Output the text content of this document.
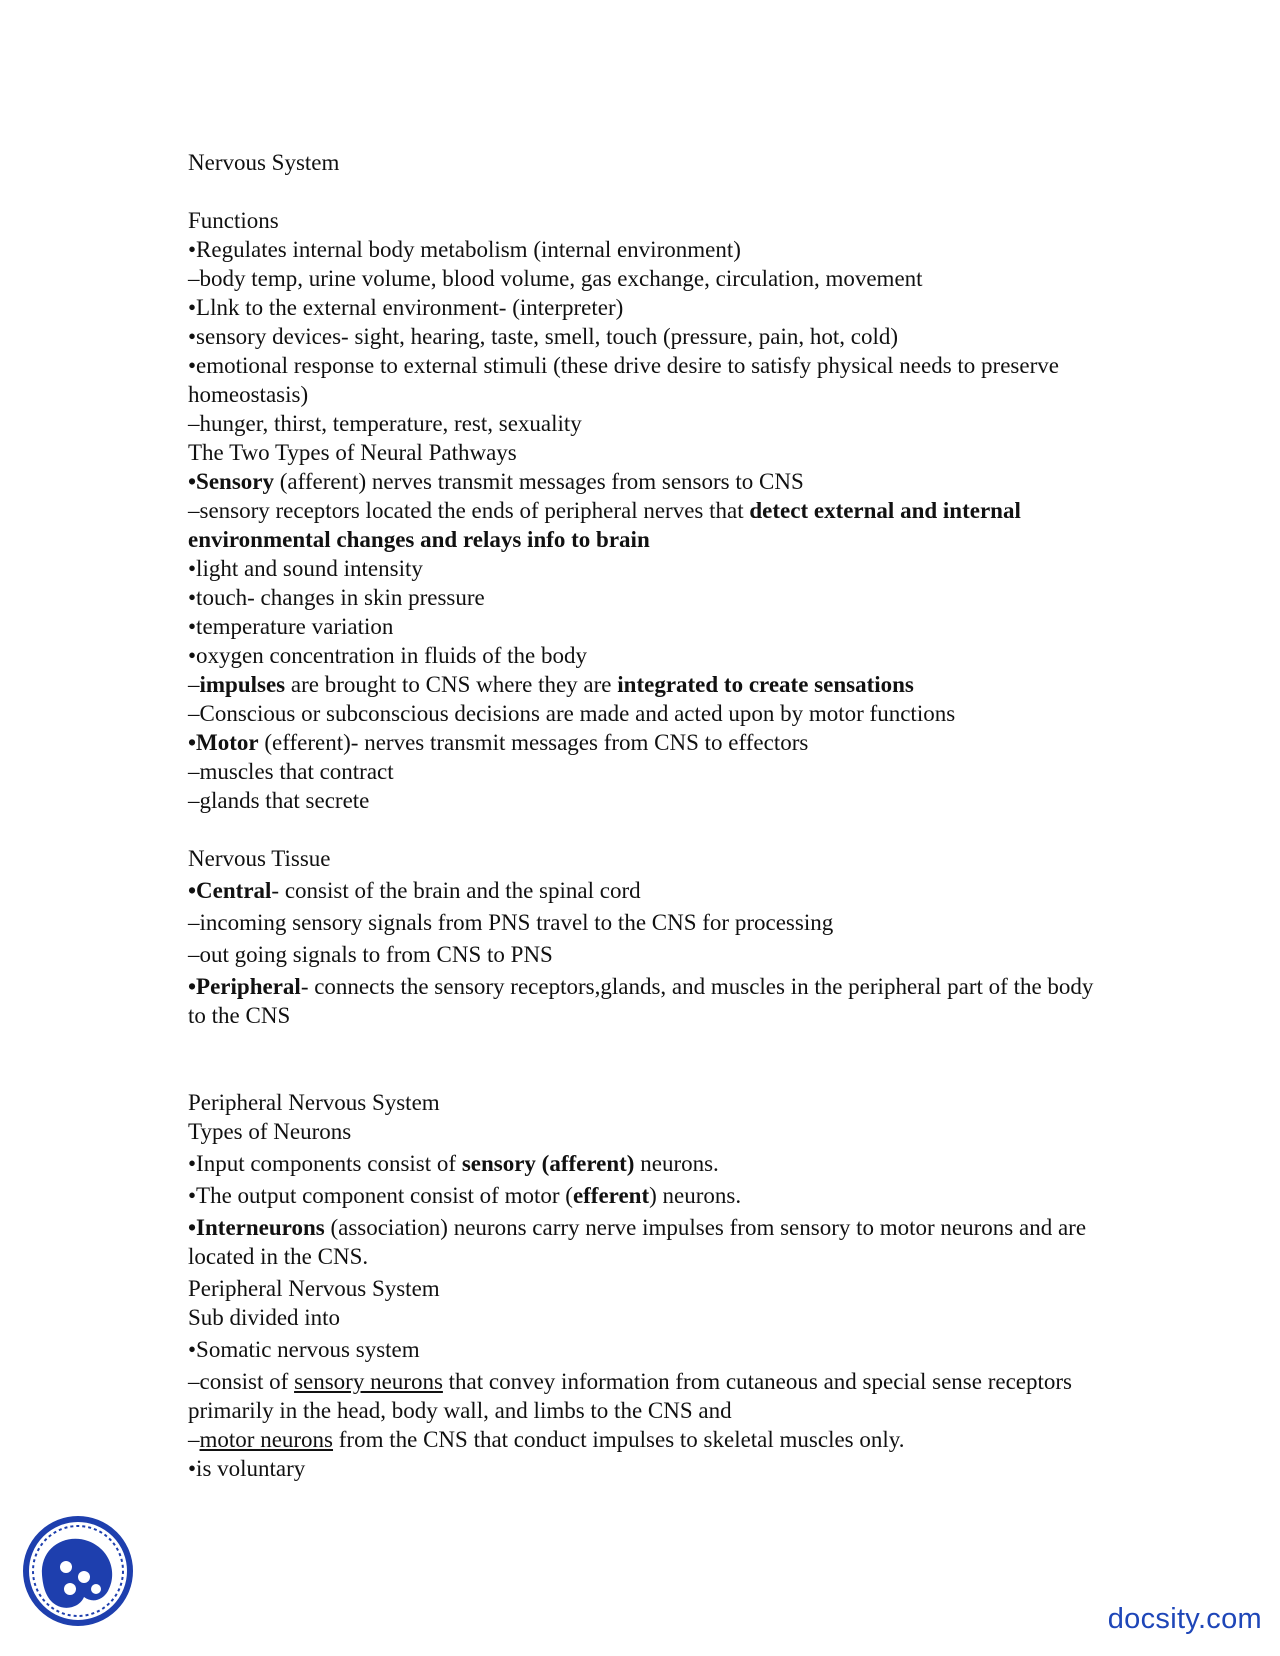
Nervous System
Functions
•Regulates internal body metabolism (internal environment)
–body temp, urine volume, blood volume, gas exchange, circulation, movement
•Llnk to the external environment- (interpreter)
•sensory devices- sight, hearing, taste, smell, touch (pressure, pain, hot, cold)
•emotional response to external stimuli (these drive desire to satisfy physical needs to preserve homeostasis)
–hunger, thirst, temperature, rest, sexuality
The Two Types of Neural Pathways
•Sensory (afferent) nerves transmit messages from sensors to CNS
–sensory receptors located the ends of peripheral nerves that detect external and internal environmental changes and relays info to brain
•light and sound intensity
•touch- changes in skin pressure
•temperature variation
•oxygen concentration in fluids of the body
–impulses are brought to CNS where they are integrated to create sensations
–Conscious or subconscious decisions are made and acted upon by motor functions
•Motor (efferent)- nerves transmit messages from CNS to effectors
–muscles that contract
–glands that secrete
Nervous Tissue
•Central- consist of the brain and the spinal cord
–incoming sensory signals from PNS travel to the CNS for processing
–out going signals to from CNS to PNS
•Peripheral- connects the sensory receptors,glands, and muscles in the peripheral part of the body to the CNS
Peripheral Nervous System
Types of Neurons
•Input components consist of sensory (afferent) neurons.
•The output component consist of motor (efferent) neurons.
•Interneurons (association) neurons carry nerve impulses from sensory to motor neurons and are located in the CNS.
Peripheral Nervous System
Sub divided into
•Somatic nervous system
–consist of sensory neurons that convey information from cutaneous and special sense receptors primarily in the head, body wall, and limbs to the CNS and
–motor neurons from the CNS that conduct impulses to skeletal muscles only.
•is voluntary
docsity.com
